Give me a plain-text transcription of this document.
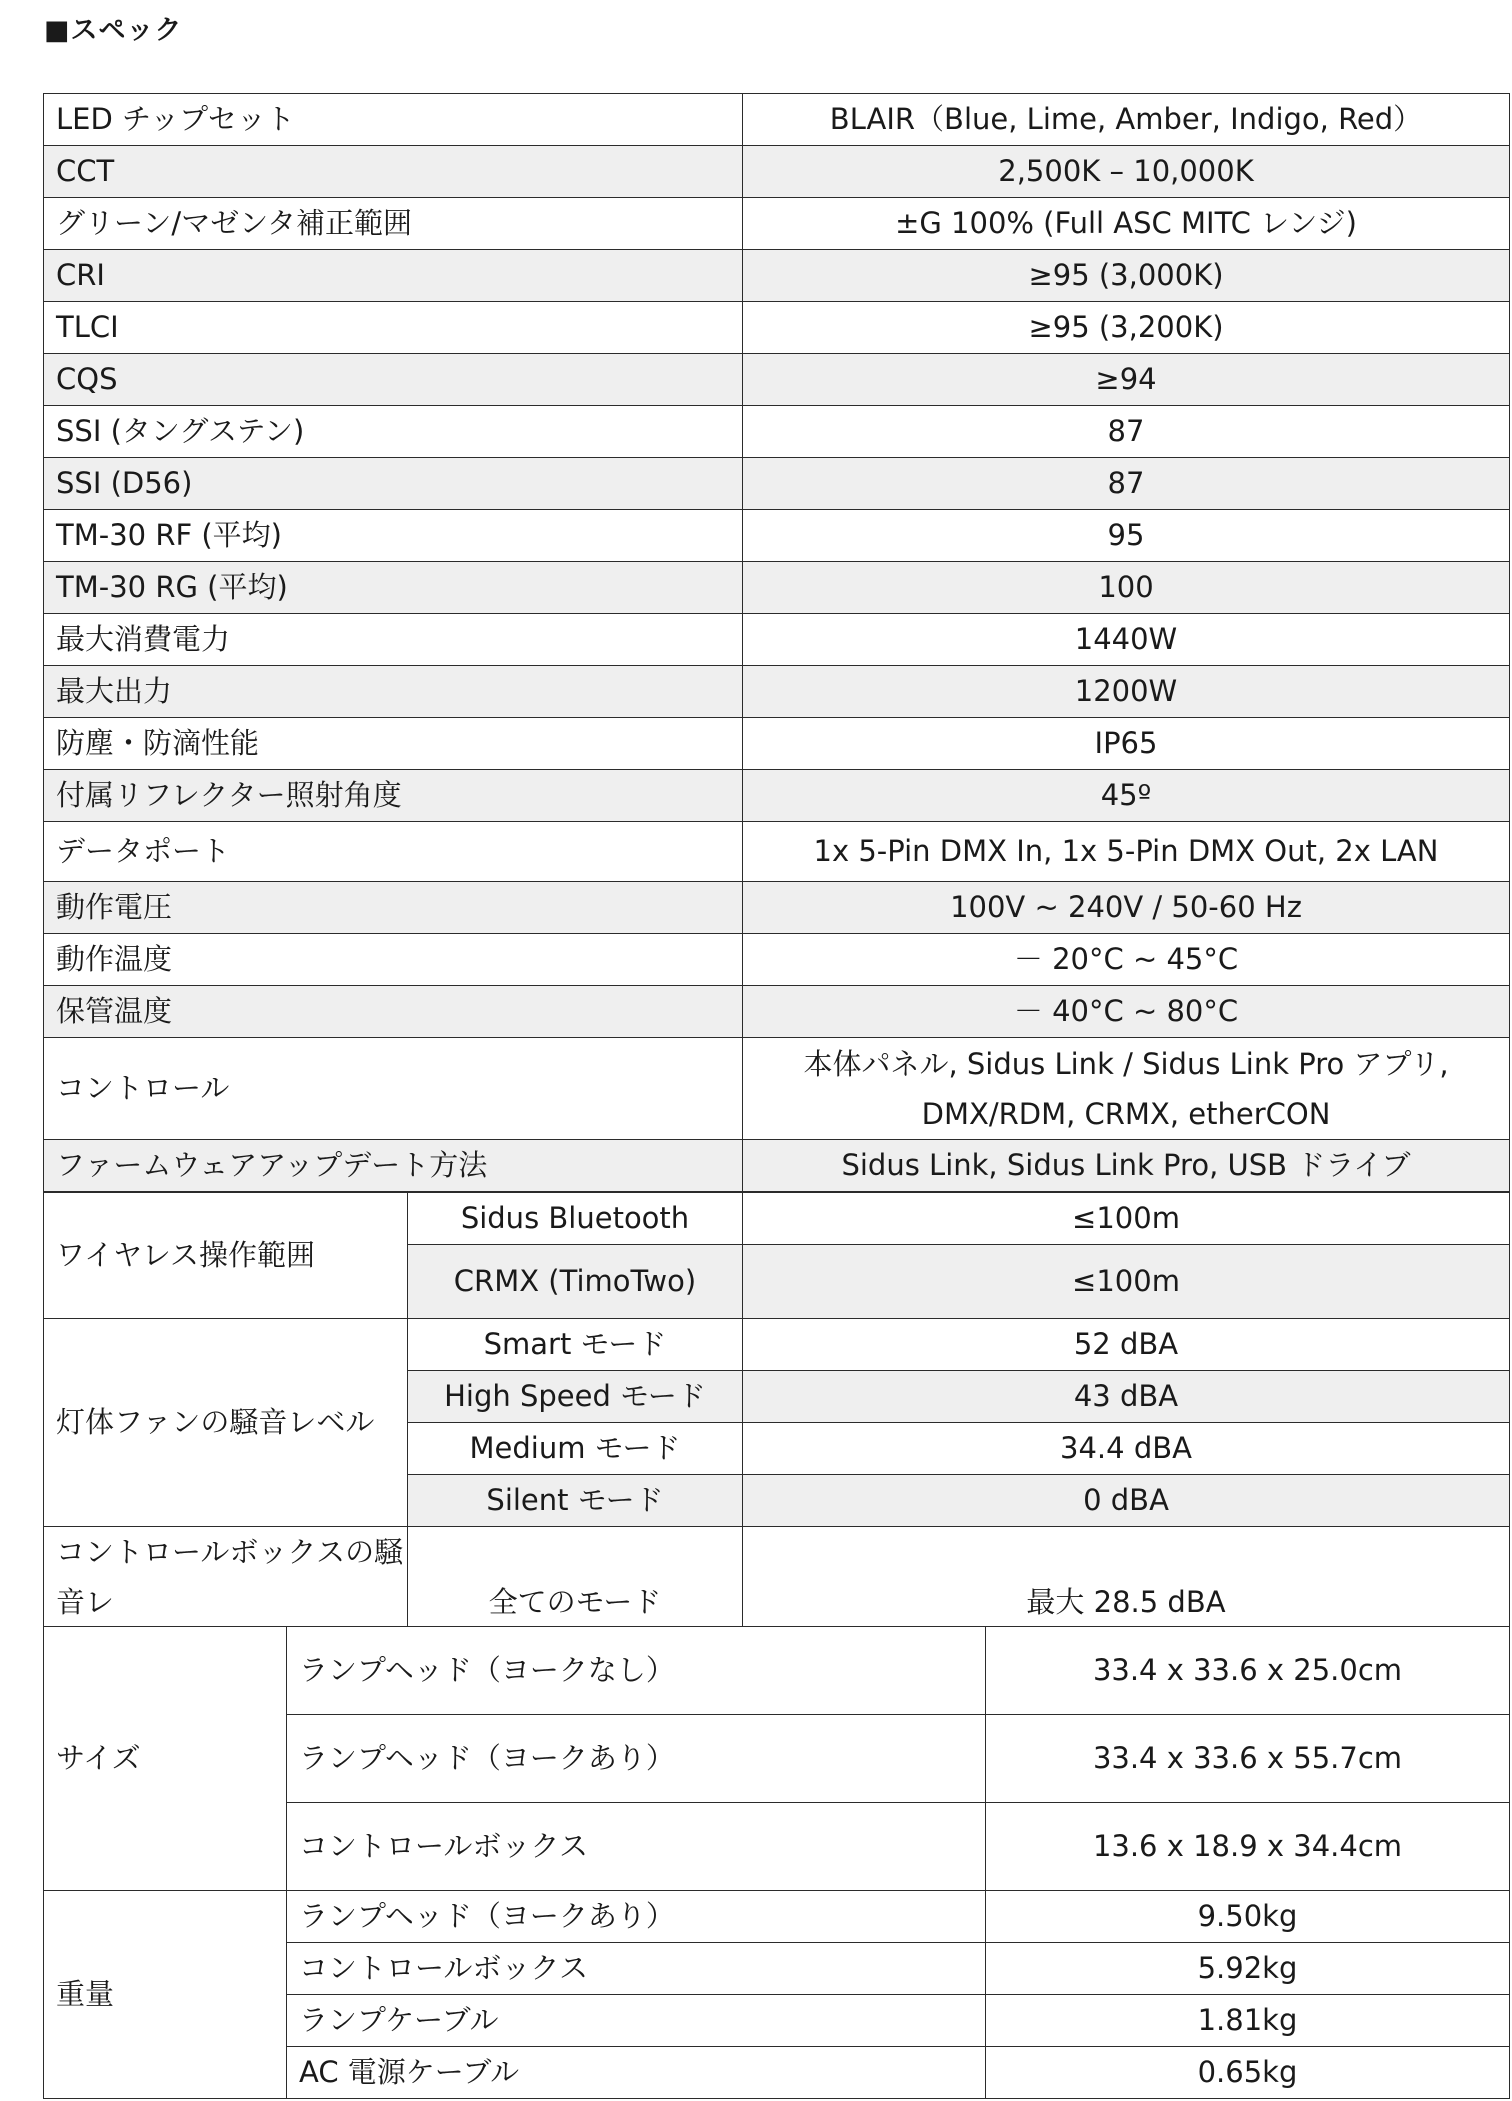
■スペック
LED チップセット	BLAIR（Blue, Lime, Amber, Indigo, Red）
CCT	2,500K – 10,000K
グリーン/マゼンタ補正範囲	±G 100% (Full ASC MITC レンジ)
CRI	≥95 (3,000K)
TLCI	≥95 (3,200K)
CQS	≥94
SSI (タングステン)	87
SSI (D56)	87
TM-30 RF (平均)	95
TM-30 RG (平均)	100
最大消費電力	1440W
最大出力	1200W
防塵・防滴性能	IP65
付属リフレクター照射角度	45º
データポート	1x 5-Pin DMX In, 1x 5-Pin DMX Out, 2x LAN
動作電圧	100V ~ 240V / 50-60 Hz
動作温度	－ 20°C ~ 45°C
保管温度	－ 40°C ~ 80°C
コントロール	本体パネル, Sidus Link / Sidus Link Pro アプリ,
DMX/RDM, CRMX, etherCON

ファームウェアアップデート方法	Sidus Link, Sidus Link Pro, USB ドライブ
ワイヤレス操作範囲	Sidus Bluetooth	≤100m
	CRMX (TimoTwo)	≤100m
灯体ファンの騒音レベル	Smart モード	52 dBA
	High Speed モード	43 dBA
	Medium モード	34.4 dBA
	Silent モード	0 dBA

コントロールボックスの騒音レ	全てのモード	最大 28.5 dBA
サイズ	ランプヘッド（ヨークなし）	33.4 x 33.6 x 25.0cm
	ランプヘッド（ヨークあり）	33.4 x 33.6 x 55.7cm
	コントロールボックス	13.6 x 18.9 x 34.4cm
重量	ランプヘッド（ヨークあり）	9.50kg
	コントロールボックス	5.92kg
	ランプケーブル	1.81kg
	AC 電源ケーブル	0.65kg
